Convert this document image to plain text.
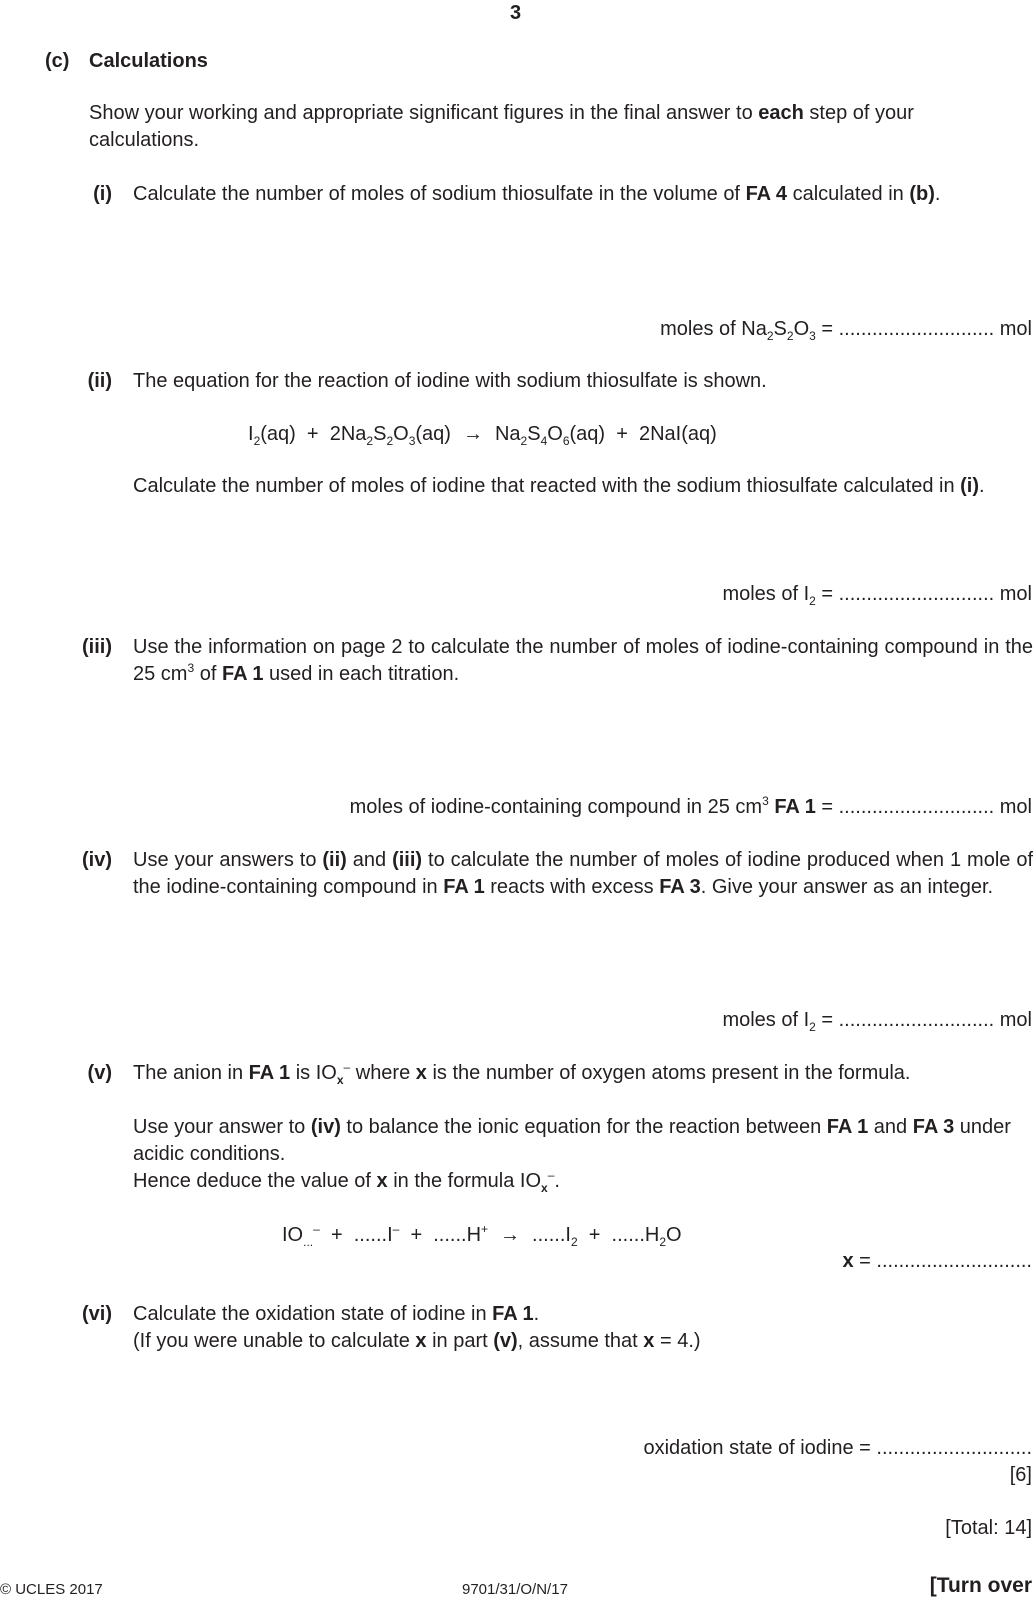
3
(c) Calculations
Show your working and appropriate significant figures in the final answer to each step of your calculations.
(i) Calculate the number of moles of sodium thiosulfate in the volume of FA 4 calculated in (b).
moles of $Na_2S_2O_3$ = ............................ mol
(ii) The equation for the reaction of iodine with sodium thiosulfate is shown.
$I_2(aq) + 2Na_2S_2O_3(aq) \to Na_2S_4O_6(aq) + 2NaI(aq)$
Calculate the number of moles of iodine that reacted with the sodium thiosulfate calculated in (i).
moles of $I_2$ = ............................ mol
(iii) Use the information on page 2 to calculate the number of moles of iodine-containing compound in the 25 $cm^3$ of FA 1 used in each titration.
moles of iodine-containing compound in 25 $cm^3$ FA 1 = ............................ mol
(iv) Use your answers to (ii) and (iii) to calculate the number of moles of iodine produced when 1 mole of the iodine-containing compound in FA 1 reacts with excess FA 3. Give your answer as an integer.
moles of $I_2$ = ............................ mol
(v) The anion in FA 1 is $IO_x^-$ where x is the number of oxygen atoms present in the formula.
Use your answer to (iv) to balance the ionic equation for the reaction between FA 1 and FA 3 under acidic conditions.
Hence deduce the value of x in the formula $IO_x^-$.
$IO_{...}^- + ......I^- + ......H^+ \to ......I_2 + ......H_2O$
x = ............................
(vi) Calculate the oxidation state of iodine in FA 1.
(If you were unable to calculate x in part (v), assume that x = 4.)
oxidation state of iodine = ............................
[6]
[Total: 14]
© UCLES 2017	9701/31/O/N/17	[Turn over
